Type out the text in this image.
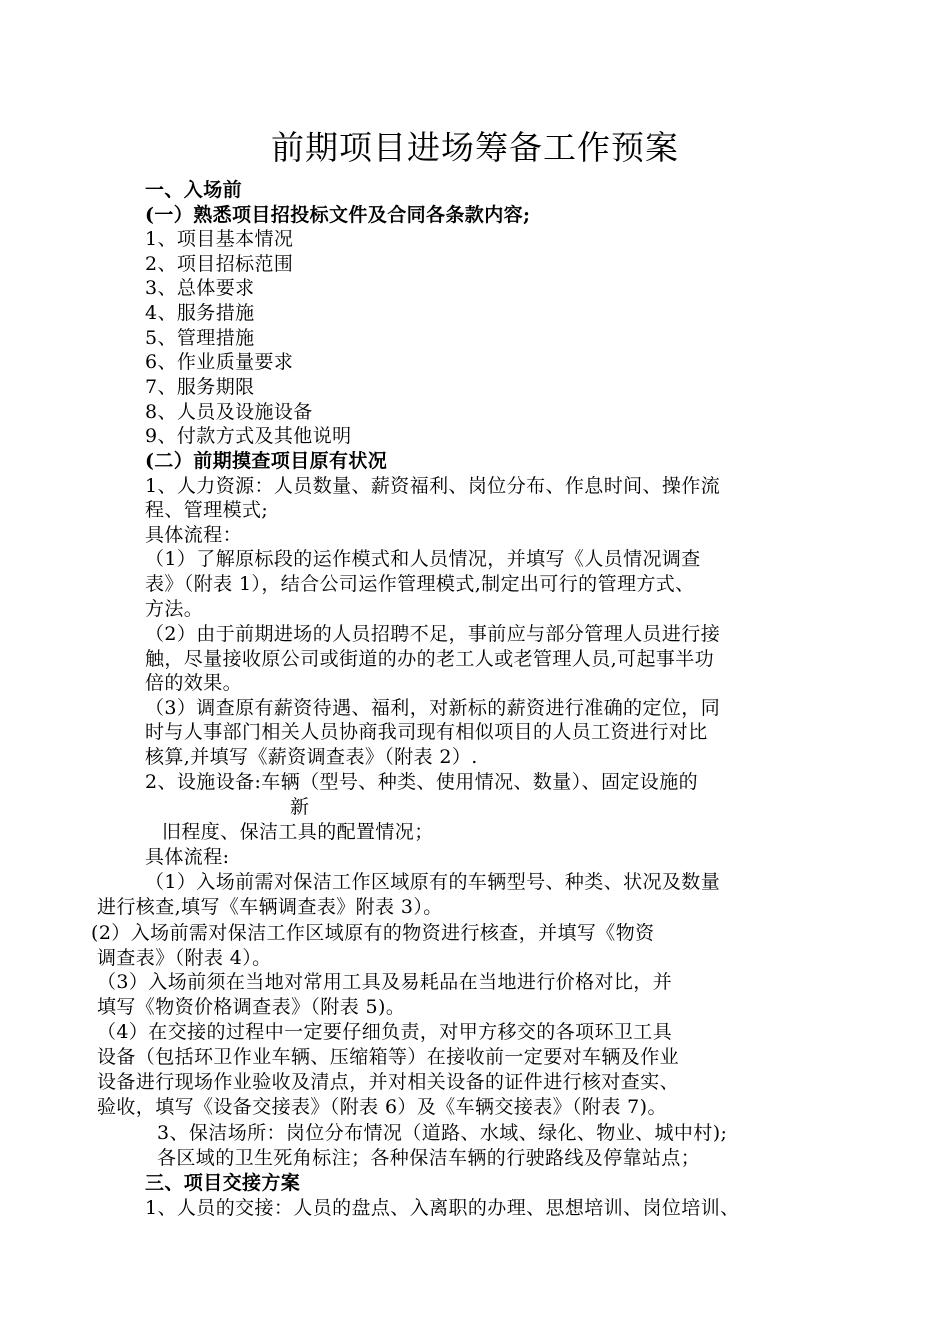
前期项目进场筹备工作预案
一、入场前
(一）熟悉项目招投标文件及合同各条款内容;
1、项目基本情况
2、项目招标范围
3、总体要求
4、服务措施
5、管理措施
6、作业质量要求
7、服务期限
8、人员及设施设备
9、付款方式及其他说明
(二）前期摸查项目原有状况
1、人力资源：人员数量、薪资福利、岗位分布、作息时间、操作流
程、管理模式;
具体流程：
（1）了解原标段的运作模式和人员情况，并填写《人员情况调查
表》（附表 1），结合公司运作管理模式,制定出可行的管理方式、
方法。
（2）由于前期进场的人员招聘不足，事前应与部分管理人员进行接
触，尽量接收原公司或街道的办的老工人或老管理人员,可起事半功
倍的效果。
（3）调查原有薪资待遇、福利，对新标的薪资进行准确的定位，同
时与人事部门相关人员协商我司现有相似项目的人员工资进行对比
核算,并填写《薪资调查表》（附表 2）.
2、设施设备:车辆（型号、种类、使用情况、数量）、固定设施的
新
旧程度、保洁工具的配置情况；
具体流程:
（1）入场前需对保洁工作区域原有的车辆型号、种类、状况及数量
进行核查,填写《车辆调查表》附表 3）。
(2）入场前需对保洁工作区域原有的物资进行核查，并填写《物资
调查表》（附表 4）。
（3）入场前须在当地对常用工具及易耗品在当地进行价格对比，并
填写《物资价格调查表》（附表 5)。
（4）在交接的过程中一定要仔细负责，对甲方移交的各项环卫工具
设备（包括环卫作业车辆、压缩箱等）在接收前一定要对车辆及作业
设备进行现场作业验收及清点，并对相关设备的证件进行核对查实、
验收，填写《设备交接表》（附表 6）及《车辆交接表》（附表 7)。
3、保洁场所：岗位分布情况（道路、水域、绿化、物业、城中村);
各区域的卫生死角标注；各种保洁车辆的行驶路线及停靠站点；
三、项目交接方案
1、人员的交接：人员的盘点、入离职的办理、思想培训、岗位培训、
